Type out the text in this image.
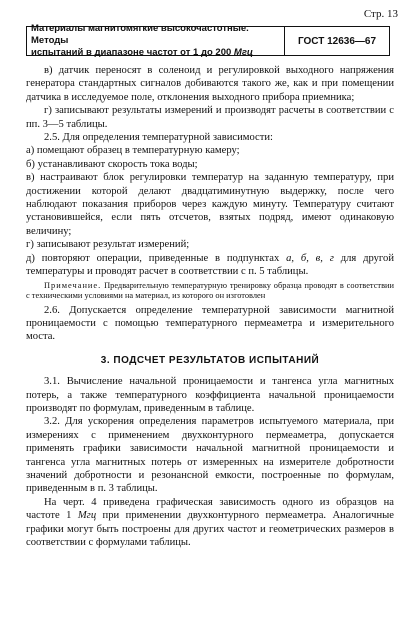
Стр. 13
Материалы магнитомягкие высокочастотные. Методы
испытаний в диапазоне частот от 1 до 200 Мгц
ГОСТ 12636—67

в) датчик переносят в соленоид и регулировкой выходного напряжения генератора стандартных сигналов добиваются такого же, как и при помещении датчика в исследуемое поле, отклонения выходного прибора приемника;

г) записывают результаты измерений и производят расчеты в соответствии с пп. 3—5 таблицы.

2.5. Для определения температурной зависимости:

а) помещают образец в температурную камеру;

б) устанавливают скорость тока воды;

в) настраивают блок регулировки температур на заданную температуру, при достижении которой делают двадцатиминутную выдержку, после чего наблюдают показания приборов через каждую минуту. Температуру считают установившейся, если пять отсчетов, взятых подряд, имеют одинаковую величину;

г) записывают результат измерений;

д) повторяют операции, приведенные в подпунктах а, б, в, г для другой температуры и проводят расчет в соответствии с п. 5 таблицы.

Примечание. Предварительную температурную тренировку образца проводят в соответствии с техническими условиями на материал, из которого он изготовлен

2.6. Допускается определение температурной зависимости магнитной проницаемости с помощью температурного пермеаметра и измерительного моста.

3. ПОДСЧЕТ РЕЗУЛЬТАТОВ ИСПЫТАНИЙ

3.1. Вычисление начальной проницаемости и тангенса угла магнитных потерь, а также температурного коэффициента начальной проницаемости производят по формулам, приведенным в таблице.

3.2. Для ускорения определения параметров испытуемого материала, при измерениях с применением двухконтурного пермеаметра, допускается применять графики зависимости начальной магнитной проницаемости и тангенса угла магнитных потерь от измеренных на измерителе добротности значений добротности и резонансной емкости, построенные по формулам, приведенным в п. 3 таблицы.

На черт. 4 приведена графическая зависимость одного из образцов на частоте 1 Мгц при применении двухконтурного пермеаметра. Аналогичные графики могут быть построены для других частот и геометрических размеров в соответствии с формулами таблицы.
